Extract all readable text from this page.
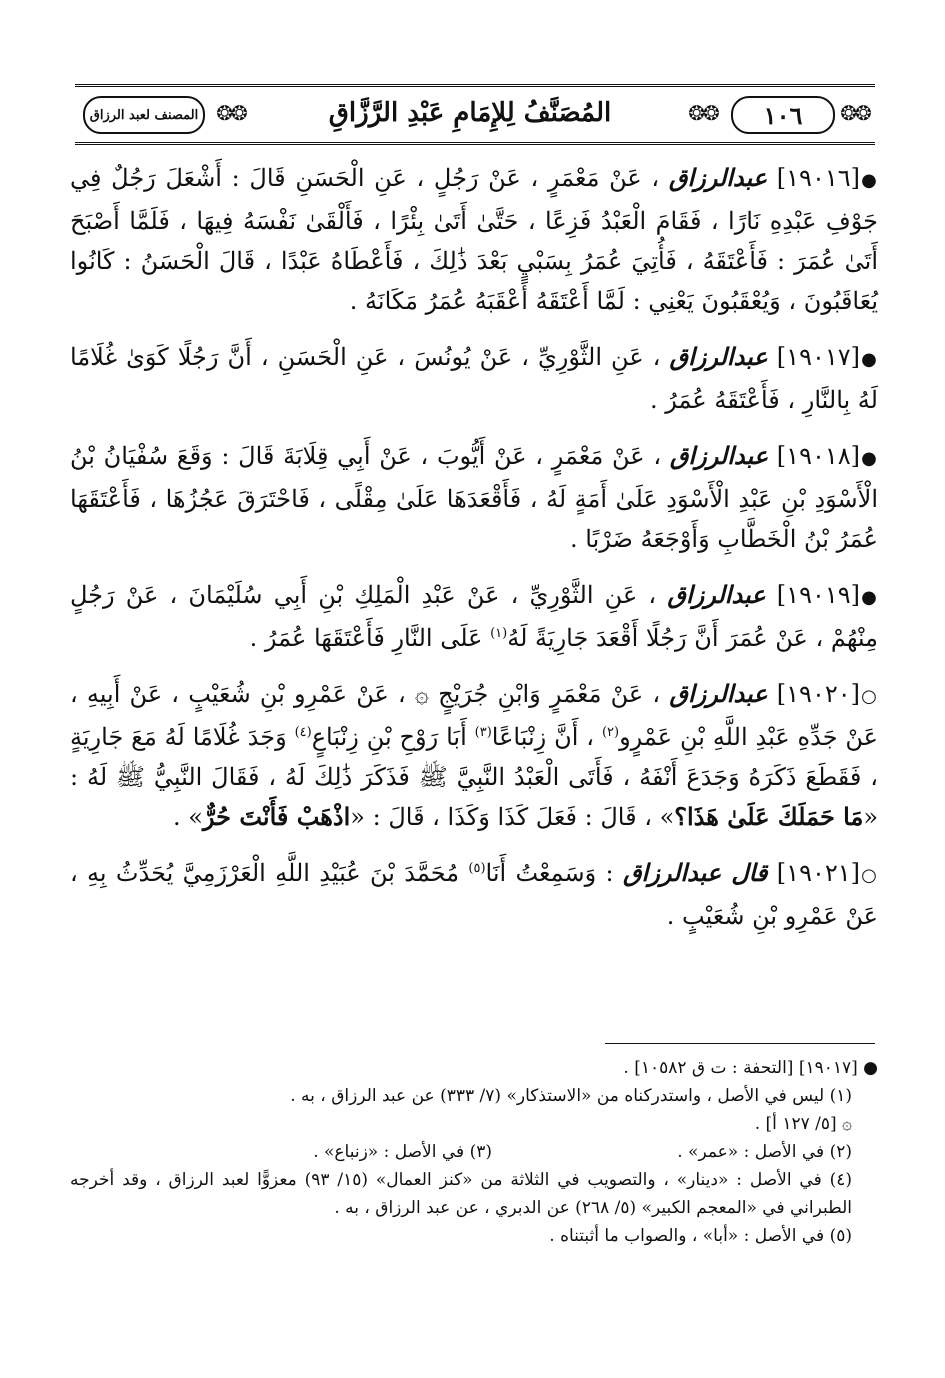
❂❂
١٠٦
❂❂
المُصَنَّفُ لِلإِمَامِ عَبْدِ الرَّزَّاقِ
❂❂
المصنف لعبد الرزاق

●[١٩٠١٦] عبدالرزاق ، عَنْ مَعْمَرٍ ، عَنْ رَجُلٍ ، عَنِ الْحَسَنِ قَالَ : أَشْعَلَ رَجُلٌ فِي جَوْفِ عَبْدِهِ نَارًا ، فَقَامَ الْعَبْدُ فَزِعًا ، حَتَّىٰ أَتَىٰ بِئْرًا ، فَأَلْقَىٰ نَفْسَهُ فِيهَا ، فَلَمَّا أَصْبَحَ أَتَىٰ عُمَرَ : فَأَعْتَقَهُ ، فَأُتِيَ عُمَرُ بِسَبْيٍ بَعْدَ ذَٰلِكَ ، فَأَعْطَاهُ عَبْدًا ، قَالَ الْحَسَنُ : كَانُوا يُعَاقَبُونَ ، وَيُعْقَبُونَ يَعْنِي : لَمَّا أَعْتَقَهُ أَعْقَبَهُ عُمَرُ مَكَانَهُ .

●[١٩٠١٧] عبدالرزاق ، عَنِ الثَّوْرِيِّ ، عَنْ يُونُسَ ، عَنِ الْحَسَنِ ، أَنَّ رَجُلًا كَوَىٰ غُلَامًا لَهُ بِالنَّارِ ، فَأَعْتَقَهُ عُمَرُ .

●[١٩٠١٨] عبدالرزاق ، عَنْ مَعْمَرٍ ، عَنْ أَيُّوبَ ، عَنْ أَبِي قِلَابَةَ قَالَ : وَقَعَ سُفْيَانُ بْنُ الْأَسْوَدِ بْنِ عَبْدِ الْأَسْوَدِ عَلَىٰ أَمَةٍ لَهُ ، فَأَقْعَدَهَا عَلَىٰ مِقْلًى ، فَاحْتَرَقَ عَجُزُهَا ، فَأَعْتَقَهَا عُمَرُ بْنُ الْخَطَّابِ وَأَوْجَعَهُ ضَرْبًا .

●[١٩٠١٩] عبدالرزاق ، عَنِ الثَّوْرِيِّ ، عَنْ عَبْدِ الْمَلِكِ بْنِ أَبِي سُلَيْمَانَ ، عَنْ رَجُلٍ مِنْهُمْ ، عَنْ عُمَرَ أَنَّ رَجُلًا أَقْعَدَ جَارِيَةً لَهُ$^{(١)}$ عَلَى النَّارِ فَأَعْتَقَهَا عُمَرُ .

○[١٩٠٢٠] عبدالرزاق ، عَنْ مَعْمَرٍ وَابْنِ جُرَيْجٍ ۞ ، عَنْ عَمْرِو بْنِ شُعَيْبٍ ، عَنْ أَبِيهِ ، عَنْ جَدِّهِ عَبْدِ اللَّهِ بْنِ عَمْرٍو$^{(٢)}$ ، أَنَّ زِنْبَاعًا$^{(٣)}$ أَبَا رَوْحِ بْنِ زِنْبَاعٍ$^{(٤)}$ وَجَدَ غُلَامًا لَهُ مَعَ جَارِيَةٍ ، فَقَطَعَ ذَكَرَهُ وَجَدَعَ أَنْفَهُ ، فَأَتَى الْعَبْدُ النَّبِيَّ ﷺ فَذَكَرَ ذَٰلِكَ لَهُ ، فَقَالَ النَّبِيُّ ﷺ لَهُ : «مَا حَمَلَكَ عَلَىٰ هَذَا؟» ، قَالَ : فَعَلَ كَذَا وَكَذَا ، قَالَ : «اذْهَبْ فَأَنْتَ حُرٌّ» .

○[١٩٠٢١] قال عبدالرزاق : وَسَمِعْتُ أَنَا$^{(٥)}$ مُحَمَّدَ بْنَ عُبَيْدِ اللَّهِ الْعَرْزَمِيَّ يُحَدِّثُ بِهِ ، عَنْ عَمْرِو بْنِ شُعَيْبٍ .

● [١٩٠١٧] [التحفة : ت ق ١٠٥٨٢] .

(١) ليس في الأصل ، واستدركناه من «الاستذكار» (٧/ ٣٣٣) عن عبد الرزاق ، به .

۞ [٥/ ١٢٧ أ] .

(٢) في الأصل : «عمر» .

(٣) في الأصل : «زنباع» .

(٤) في الأصل : «دينار» ، والتصويب في الثلاثة من «كنز العمال» (١٥/ ٩٣) معزوًّا لعبد الرزاق ، وقد أخرجه الطبراني في «المعجم الكبير» (٥/ ٢٦٨) عن الدبري ، عن عبد الرزاق ، به .

(٥) في الأصل : «أبا» ، والصواب ما أثبتناه .
